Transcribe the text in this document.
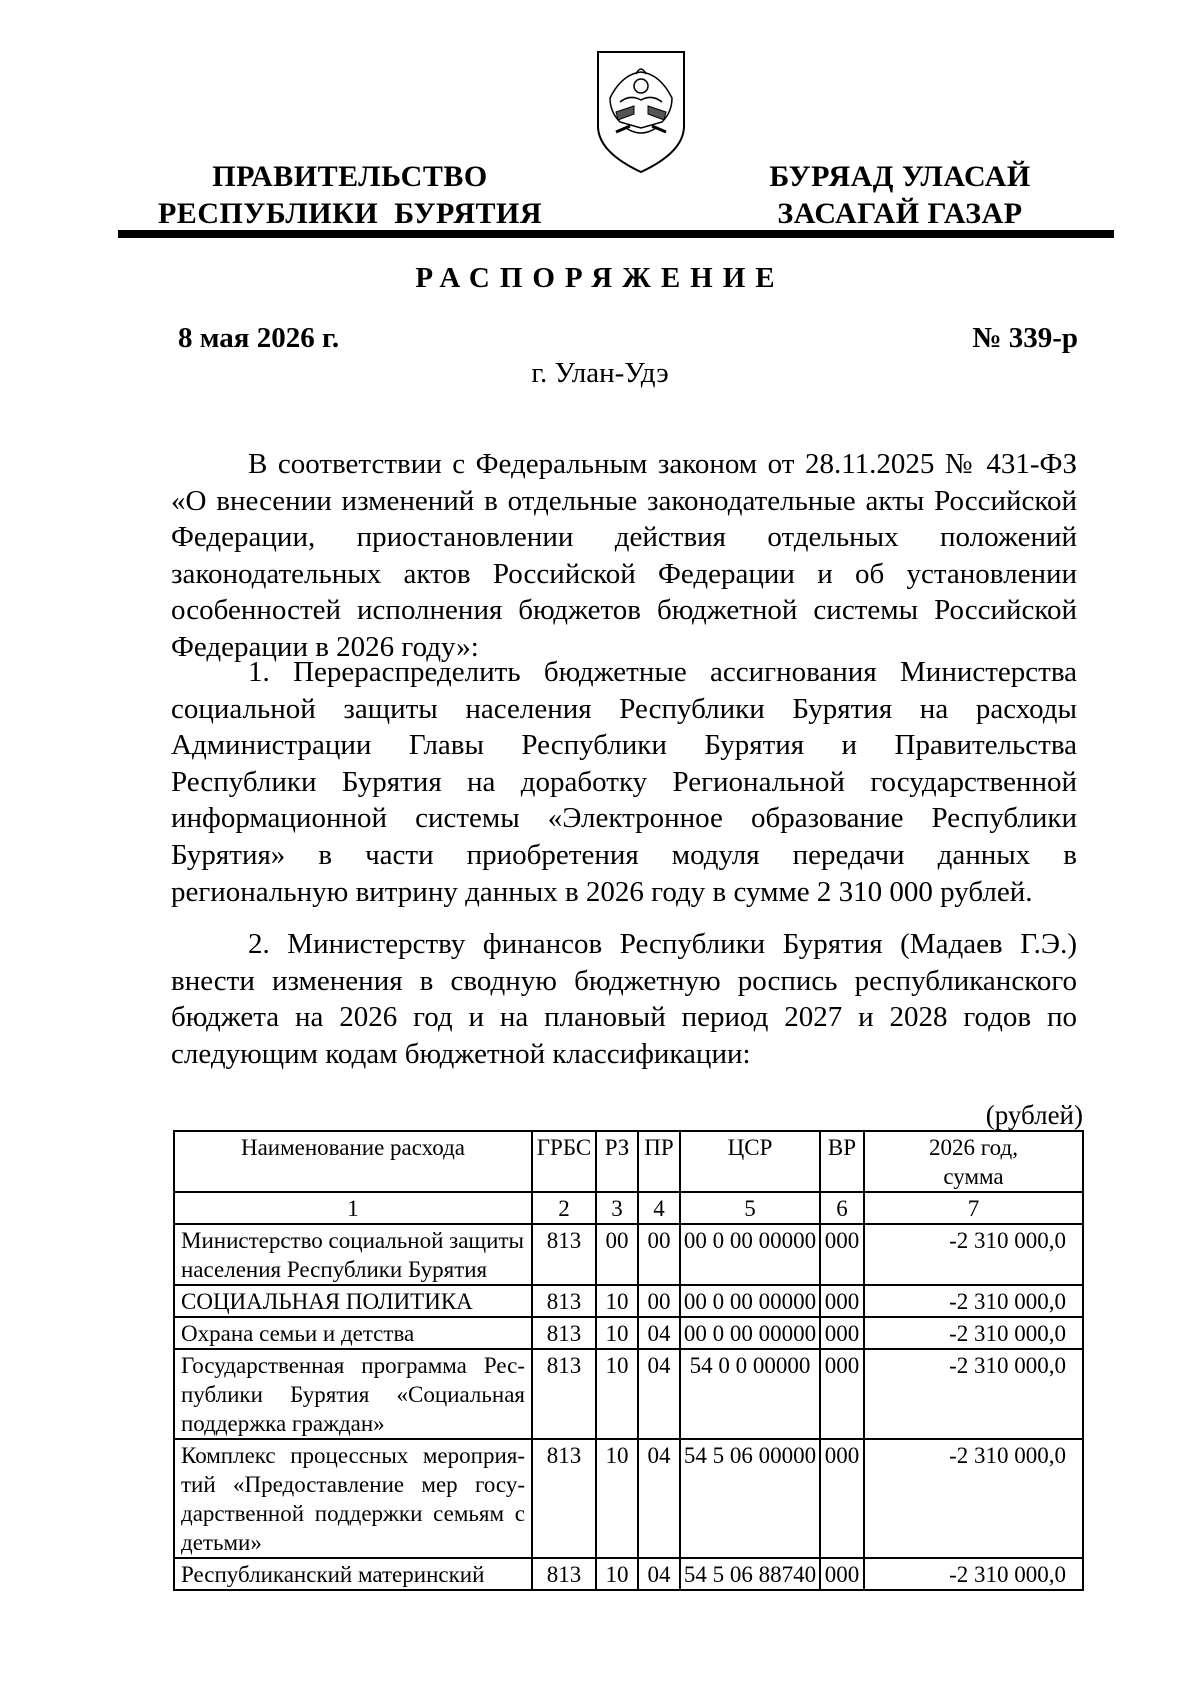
ПРАВИТЕЛЬСТВО
РЕСПУБЛИКИ  БУРЯТИЯ
БУРЯАД УЛАСАЙ
ЗАСАГАЙ ГАЗАР
РАСПОРЯЖЕНИЕ
8 мая 2026 г.	№ 339-р
г. Улан-Удэ
В соответствии с Федеральным законом от 28.11.2025 № 431-ФЗ «О внесении изменений в отдельные законодательные акты Российской Федерации, приостановлении действия отдельных положений законодательных актов Российской Федерации и об установлении особенностей исполнения бюджетов бюджетной системы Российской Федерации в 2026 году»:
1. Перераспределить бюджетные ассигнования Министерства социальной защиты населения Республики Бурятия на расходы Администрации Главы Республики Бурятия и Правительства Республики Бурятия на доработку Региональной государственной информационной системы «Электронное образование Республики Бурятия» в части приобретения модуля передачи данных в региональную витрину данных в 2026 году в сумме 2 310 000 рублей.
2. Министерству финансов Республики Бурятия (Мадаев Г.Э.) внести изменения в сводную бюджетную роспись республиканского бюджета на 2026 год и на плановый период 2027 и 2028 годов по следующим кодам бюджетной классификации:
(рублей)
Наименование расхода	ГРБС	РЗ	ПР	ЦСР	ВР	2026 год, сумма
1	2	3	4	5	6	7
Министерство социальной защиты населения Республики Бурятия	813	00	00	00 0 00 00000	000	-2 310 000,0
СОЦИАЛЬНАЯ ПОЛИТИКА	813	10	00	00 0 00 00000	000	-2 310 000,0
Охрана семьи и детства	813	10	04	00 0 00 00000	000	-2 310 000,0
Государственная программа Республики Бурятия «Социальная поддержка граждан»	813	10	04	54 0 0 00000	000	-2 310 000,0
Комплекс процессных мероприятий «Предоставление мер государственной поддержки семьям с детьми»	813	10	04	54 5 06 00000	000	-2 310 000,0
Республиканский материнский	813	10	04	54 5 06 88740	000	-2 310 000,0
